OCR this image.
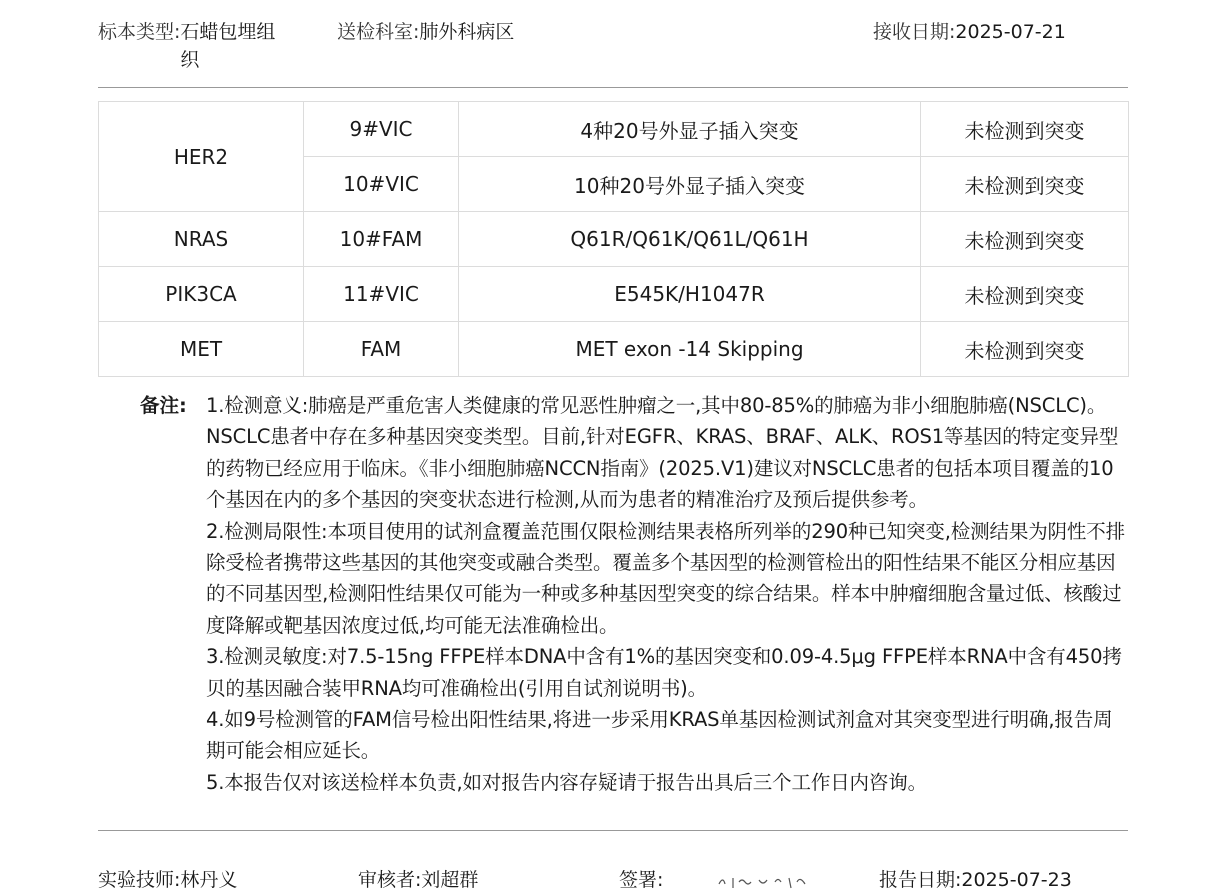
标本类型: 石蜡包埋组织
送检科室:肺外科病区	接收日期:2025-07-21
HER2	9#VIC	4种20号外显子插入突变	未检测到突变
	10#VIC	10种20号外显子插入突变	未检测到突变
NRAS	10#FAM	Q61R/Q61K/Q61L/Q61H	未检测到突变
PIK3CA	11#VIC	E545K/H1047R	未检测到突变
MET	FAM	MET exon -14 Skipping	未检测到突变
备注: 1.检测意义:肺癌是严重危害人类健康的常见恶性肿瘤之一,其中80-85%的肺癌为非小细胞肺癌(NSCLC)。NSCLC患者中存在多种基因突变类型。目前,针对EGFR、KRAS、BRAF、ALK、ROS1等基因的特定变异型的药物已经应用于临床。《非小细胞肺癌NCCN指南》(2025.V1)建议对NSCLC患者的包括本项目覆盖的10个基因在内的多个基因的突变状态进行检测,从而为患者的精准治疗及预后提供参考。

2.检测局限性:本项目使用的试剂盒覆盖范围仅限检测结果表格所列举的290种已知突变,检测结果为阴性不排除受检者携带这些基因的其他突变或融合类型。覆盖多个基因型的检测管检出的阳性结果不能区分相应基因的不同基因型,检测阳性结果仅可能为一种或多种基因型突变的综合结果。样本中肿瘤细胞含量过低、核酸过度降解或靶基因浓度过低,均可能无法准确检出。

3.检测灵敏度:对7.5-15ng FFPE样本DNA中含有1%的基因突变和0.09-4.5μg FFPE样本RNA中含有450拷贝的基因融合装甲RNA均可准确检出(引用自试剂说明书)。

4.如9号检测管的FAM信号检出阳性结果,将进一步采用KRAS单基因检测试剂盒对其突变型进行明确,报告周期可能会相应延长。

5.本报告仅对该送检样本负责,如对报告内容存疑请于报告出具后三个工作日内咨询。

实验技师:林丹义	审核者:刘超群	签署:	报告日期:2025-07-23
